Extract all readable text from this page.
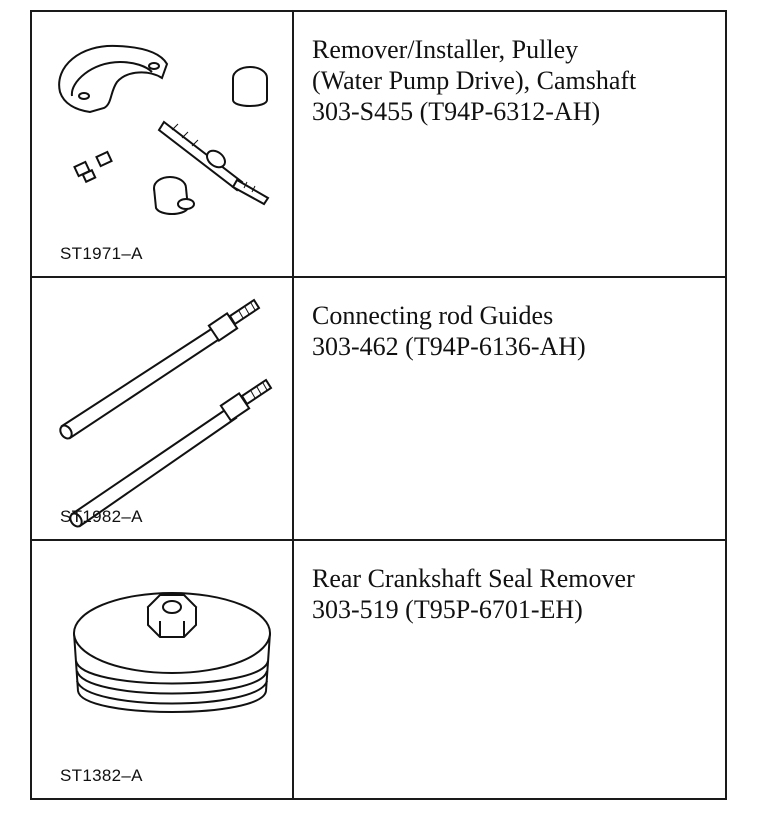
ST1971–A
Remover/Installer, Pulley
(Water Pump Drive), Camshaft
303-S455 (T94P-6312-AH)
ST1982–A
Connecting rod Guides
303-462 (T94P-6136-AH)
ST1382–A
Rear Crankshaft Seal Remover
303-519 (T95P-6701-EH)
